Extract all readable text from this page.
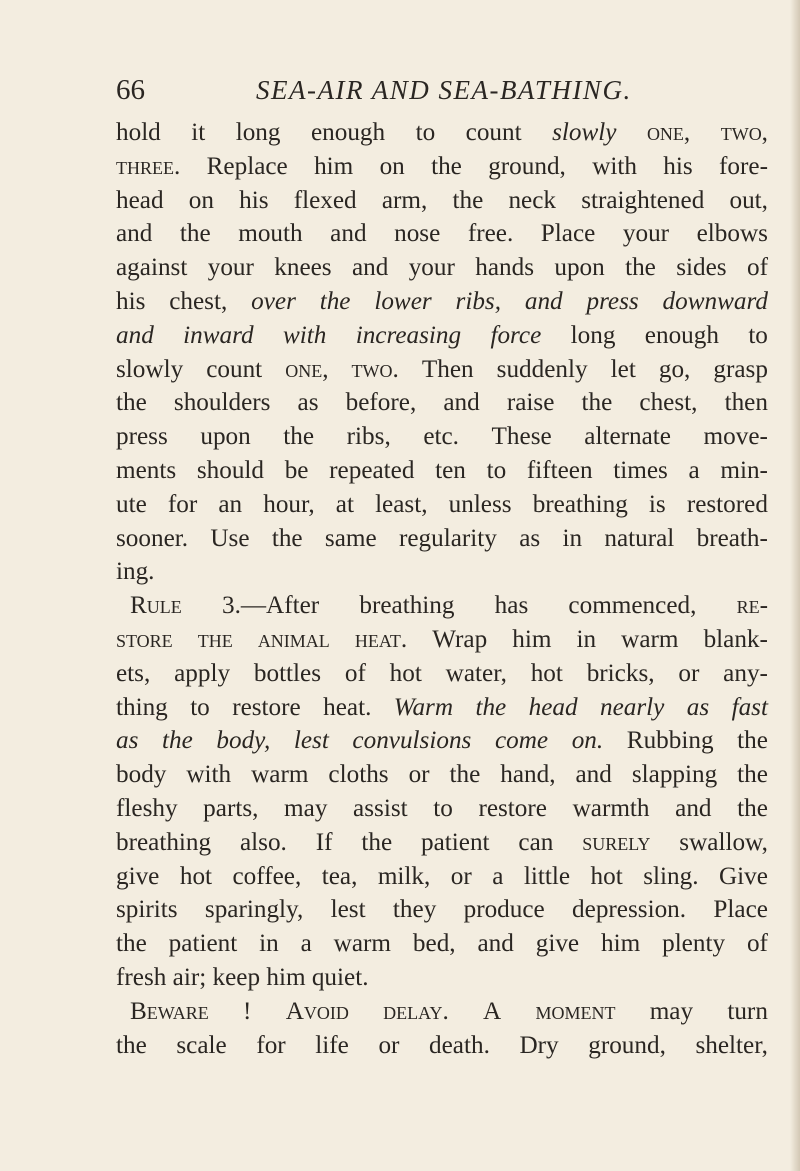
66	SEA-AIR AND SEA-BATHING.
hold it long enough to count slowly one, two,
three. Replace him on the ground, with his fore-
head on his flexed arm, the neck straightened out,
and the mouth and nose free. Place your elbows
against your knees and your hands upon the sides of
his chest, over the lower ribs, and press downward
and inward with increasing force long enough to
slowly count one, two. Then suddenly let go, grasp
the shoulders as before, and raise the chest, then
press upon the ribs, etc. These alternate move-
ments should be repeated ten to fifteen times a min-
ute for an hour, at least, unless breathing is restored
sooner. Use the same regularity as in natural breath-
ing.
Rule 3.—After breathing has commenced, re-
store the animal heat. Wrap him in warm blank-
ets, apply bottles of hot water, hot bricks, or any-
thing to restore heat. Warm the head nearly as fast
as the body, lest convulsions come on. Rubbing the
body with warm cloths or the hand, and slapping the
fleshy parts, may assist to restore warmth and the
breathing also. If the patient can surely swallow,
give hot coffee, tea, milk, or a little hot sling. Give
spirits sparingly, lest they produce depression. Place
the patient in a warm bed, and give him plenty of
fresh air; keep him quiet.
Beware ! Avoid delay. A moment may turn
the scale for life or death. Dry ground, shelter,
